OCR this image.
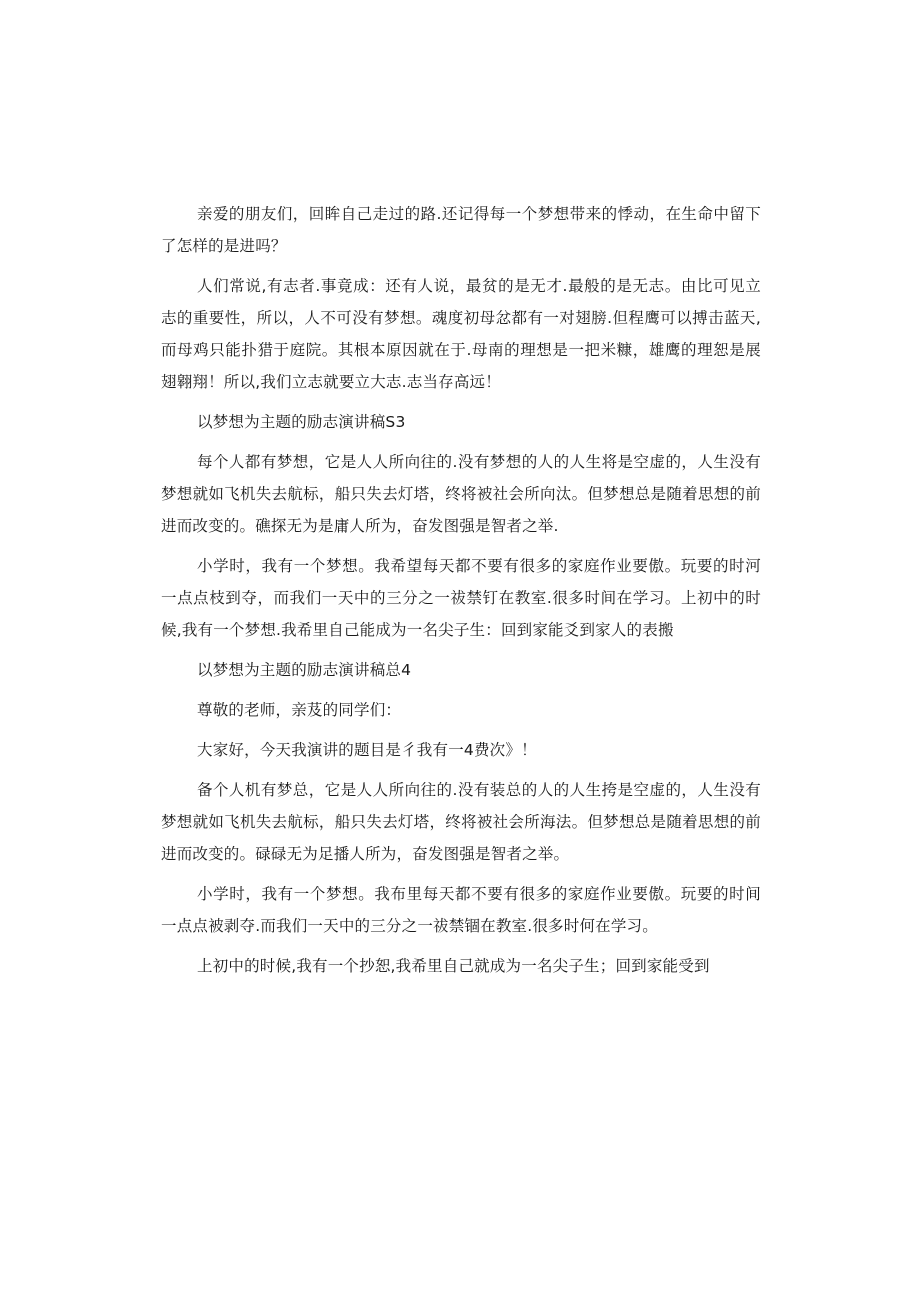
亲爱的朋友们，回眸自己走过的路.还记得每一个梦想带来的悸动，在生命中留下了怎样的是进吗？

人们常说,有志者.事竟成：还有人说，最贫的是无才.最般的是无志。由比可见立志的重要性，所以，人不可没有梦想。魂度初母忿都有一对翅膀.但程鹰可以搏击蓝天,而母鸡只能扑猎于庭院。其根本原因就在于.母南的理想是一把米糠，雄鹰的理恕是展翅翱翔！所以,我们立志就要立大志.志当存高远！

以梦想为主题的励志演讲稿S3

每个人都有梦想，它是人人所向往的.没有梦想的人的人生将是空虚的，人生没有梦想就如飞机失去航标，船只失去灯塔，终将被社会所向汰。但梦想总是随着思想的前进而改变的。礁探无为是庸人所为，奋发图强是智者之举.

小学时，我有一个梦想。我希望每天都不要有很多的家庭作业要傲。玩要的时河一点点枝到夺，而我们一天中的三分之一祓禁钉在教室.很多时间在学习。上初中的时候,我有一个梦想.我希里自己能成为一名尖子生：回到家能爻到家人的表搬

以梦想为主题的励志演讲稿总4

尊敬的老师，亲芨的同学们：

大家好，今天我演讲的题目是彳我有一4费次》！

备个人机有梦总，它是人人所向往的.没有装总的人的人生挎是空虚的，人生没有梦想就如飞机失去航标，船只失去灯塔，终将被社会所海法。但梦想总是随着思想的前进而改变的。碌碌无为足播人所为，奋发图强是智者之举。

小学时，我有一个梦想。我布里每天都不要有很多的家庭作业要傲。玩要的时间一点点被剥夺.而我们一天中的三分之一祓禁锢在教室.很多时何在学习。

上初中的时候,我有一个抄恕,我希里自己就成为一名尖子生；回到家能受到
